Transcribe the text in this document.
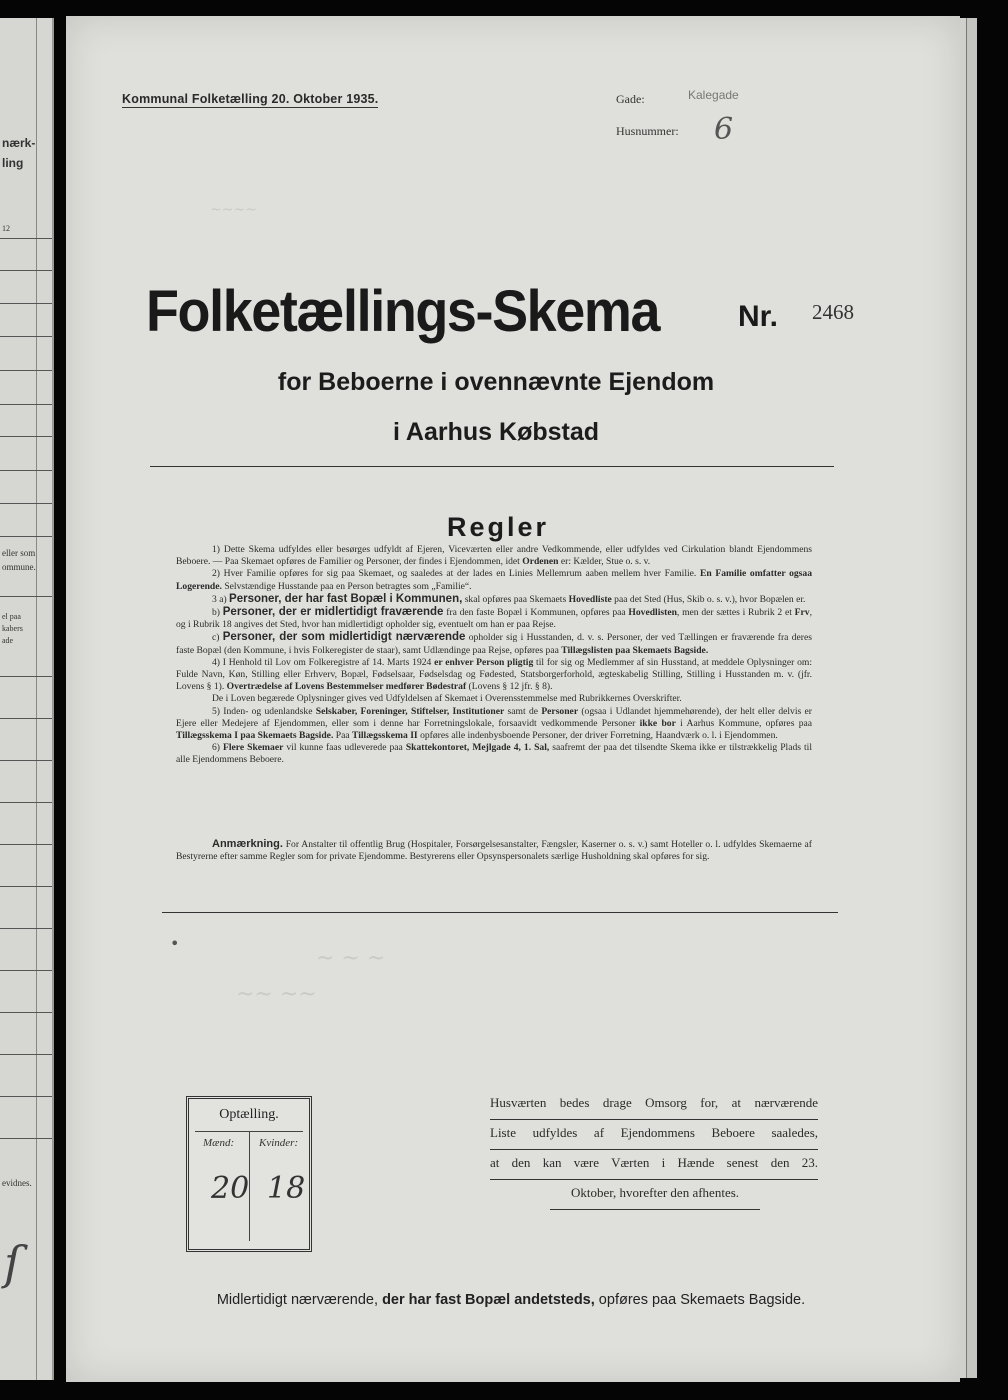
nærk-
ling
12
eller som
ommune.
el paa
kabers
ade
evidnes.
ſ
Kommunal Folketælling 20. Oktober 1935.	Gade:	Kalegade
Husnummer: 6
~~~~
Folketællings-Skema	Nr. 2468
for Beboerne i ovennævnte Ejendom
i Aarhus Købstad
Regler

1) Dette Skema udfyldes eller besørges udfyldt af Ejeren, Viceværten eller andre Vedkommende, eller udfyldes ved Cirkulation blandt Ejendommens Beboere. — Paa Skemaet opføres de Familier og Personer, der findes i Ejendommen, idet Ordenen er: Kælder, Stue o. s. v.

2) Hver Familie opføres for sig paa Skemaet, og saaledes at der lades en Linies Mellemrum aaben mellem hver Familie. En Familie omfatter ogsaa Logerende. Selvstændige Husstande paa en Person betragtes som „Familie“.

3 a) Personer, der har fast Bopæl i Kommunen, skal opføres paa Skemaets Hovedliste paa det Sted (Hus, Skib o. s. v.), hvor Bopælen er.

b) Personer, der er midlertidigt fraværende fra den faste Bopæl i Kommunen, opføres paa Hovedlisten, men der sættes i Rubrik 2 et Frv, og i Rubrik 18 angives det Sted, hvor han midlertidigt opholder sig, eventuelt om han er paa Rejse.

c) Personer, der som midlertidigt nærværende opholder sig i Husstanden, d. v. s. Personer, der ved Tællingen er fraværende fra deres faste Bopæl (den Kommune, i hvis Folkeregister de staar), samt Udlændinge paa Rejse, opføres paa Tillægslisten paa Skemaets Bagside.

4) I Henhold til Lov om Folkeregistre af 14. Marts 1924 er enhver Person pligtig til for sig og Medlemmer af sin Husstand, at meddele Oplysninger om: Fulde Navn, Køn, Stilling eller Erhverv, Bopæl, Fødselsaar, Fødselsdag og Fødested, Statsborgerforhold, ægteskabelig Stilling, Stilling i Husstanden m. v. (jfr. Lovens § 1). Overtrædelse af Lovens Bestemmelser medfører Bødestraf (Lovens § 12 jfr. § 8).

De i Loven begærede Oplysninger gives ved Udfyldelsen af Skemaet i Overensstemmelse med Rubrikkernes Overskrifter.

5) Inden- og udenlandske Selskaber, Foreninger, Stiftelser, Institutioner samt de Personer (ogsaa i Udlandet hjemmehørende), der helt eller delvis er Ejere eller Medejere af Ejendommen, eller som i denne har Forretningslokale, forsaavidt vedkommende Personer ikke bor i Aarhus Kommune, opføres paa Tillægsskema I paa Skemaets Bagside. Paa Tillægsskema II opføres alle indenbysboende Personer, der driver Forretning, Haandværk o. l. i Ejendommen.

6) Flere Skemaer vil kunne faas udleverede paa Skattekontoret, Mejlgade 4, 1. Sal, saafremt der paa det tilsendte Skema ikke er tilstrækkelig Plads til alle Ejendommens Beboere.

Anmærkning. For Anstalter til offentlig Brug (Hospitaler, Forsørgelsesanstalter, Fængsler, Kaserner o. s. v.) samt Hoteller o. l. udfyldes Skemaerne af Bestyrerne efter samme Regler som for private Ejendomme. Bestyrerens eller Opsynspersonalets særlige Husholdning skal opføres for sig.

•
~ ~ ~
~~ ~~
Optælling.
Mænd: Kvinder:
20 18
Husværten bedes drage Omsorg for, at nærværende
Liste udfyldes af Ejendommens Beboere saaledes,
at den kan være Værten i Hænde senest den 23.
Oktober, hvorefter den afhentes.
Midlertidigt nærværende, der har fast Bopæl andetsteds, opføres paa Skemaets Bagside.
